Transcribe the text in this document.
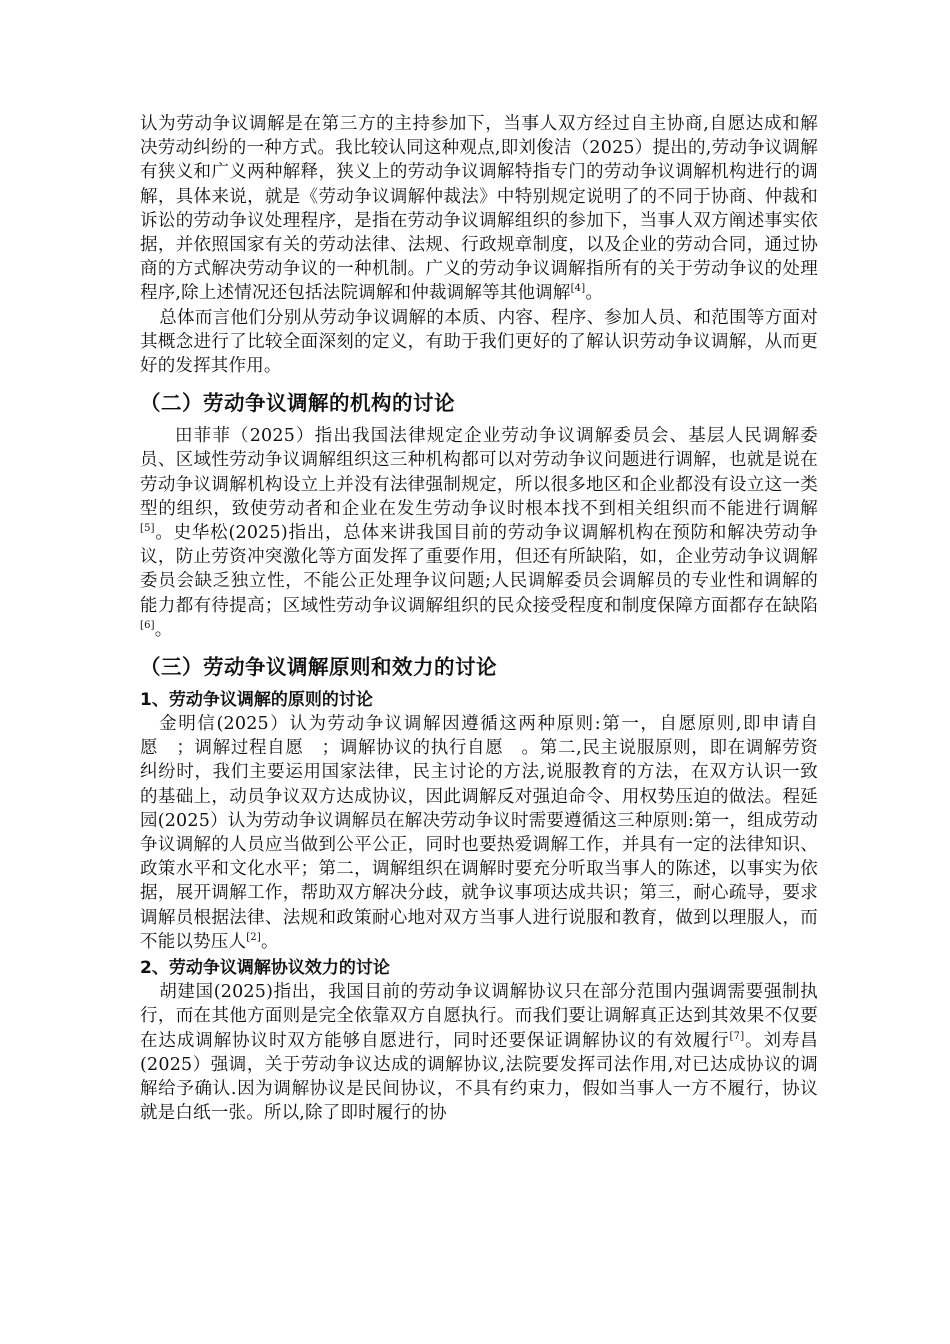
认为劳动争议调解是在第三方的主持参加下，当事人双方经过自主协商,自愿达成和解决劳动纠纷的一种方式。我比较认同这种观点,即刘俊洁（2025）提出的,劳动争议调解有狭义和广义两种解释，狭义上的劳动争议调解特指专门的劳动争议调解机构进行的调解，具体来说，就是《劳动争议调解仲裁法》中特别规定说明了的不同于协商、仲裁和诉讼的劳动争议处理程序，是指在劳动争议调解组织的参加下，当事人双方阐述事实依据，并依照国家有关的劳动法律、法规、行政规章制度，以及企业的劳动合同，通过协商的方式解决劳动争议的一种机制。广义的劳动争议调解指所有的关于劳动争议的处理程序,除上述情况还包括法院调解和仲裁调解等其他调解[4]。

总体而言他们分别从劳动争议调解的本质、内容、程序、参加人员、和范围等方面对其概念进行了比较全面深刻的定义，有助于我们更好的了解认识劳动争议调解，从而更好的发挥其作用。

（二）劳动争议调解的机构的讨论

田菲菲（2025）指出我国法律规定企业劳动争议调解委员会、基层人民调解委员、区域性劳动争议调解组织这三种机构都可以对劳动争议问题进行调解，也就是说在劳动争议调解机构设立上并没有法律强制规定，所以很多地区和企业都没有设立这一类型的组织，致使劳动者和企业在发生劳动争议时根本找不到相关组织而不能进行调解[5]。史华松(2025)指出，总体来讲我国目前的劳动争议调解机构在预防和解决劳动争议，防止劳资冲突激化等方面发挥了重要作用，但还有所缺陷，如，企业劳动争议调解委员会缺乏独立性，不能公正处理争议问题;人民调解委员会调解员的专业性和调解的能力都有待提高；区域性劳动争议调解组织的民众接受程度和制度保障方面都存在缺陷[6]。

（三）劳动争议调解原则和效力的讨论
1、劳动争议调解的原则的讨论

金明信(2025）认为劳动争议调解因遵循这两种原则:第一，自愿原则,即申请自愿　；调解过程自愿　；调解协议的执行自愿　。第二,民主说服原则，即在调解劳资纠纷时，我们主要运用国家法律，民主讨论的方法,说服教育的方法，在双方认识一致的基础上，动员争议双方达成协议，因此调解反对强迫命令、用权势压迫的做法。程延园(2025）认为劳动争议调解员在解决劳动争议时需要遵循这三种原则:第一，组成劳动争议调解的人员应当做到公平公正，同时也要热爱调解工作，并具有一定的法律知识、政策水平和文化水平；第二，调解组织在调解时要充分听取当事人的陈述，以事实为依据，展开调解工作，帮助双方解决分歧，就争议事项达成共识；第三，耐心疏导，要求调解员根据法律、法规和政策耐心地对双方当事人进行说服和教育，做到以理服人，而不能以势压人[2]。

2、劳动争议调解协议效力的讨论

胡建国(2025)指出，我国目前的劳动争议调解协议只在部分范围内强调需要强制执行，而在其他方面则是完全依靠双方自愿执行。而我们要让调解真正达到其效果不仅要在达成调解协议时双方能够自愿进行，同时还要保证调解协议的有效履行[7]。刘寿昌(2025）强调，关于劳动争议达成的调解协议,法院要发挥司法作用,对已达成协议的调解给予确认.因为调解协议是民间协议，不具有约束力，假如当事人一方不履行，协议就是白纸一张。所以,除了即时履行的协
